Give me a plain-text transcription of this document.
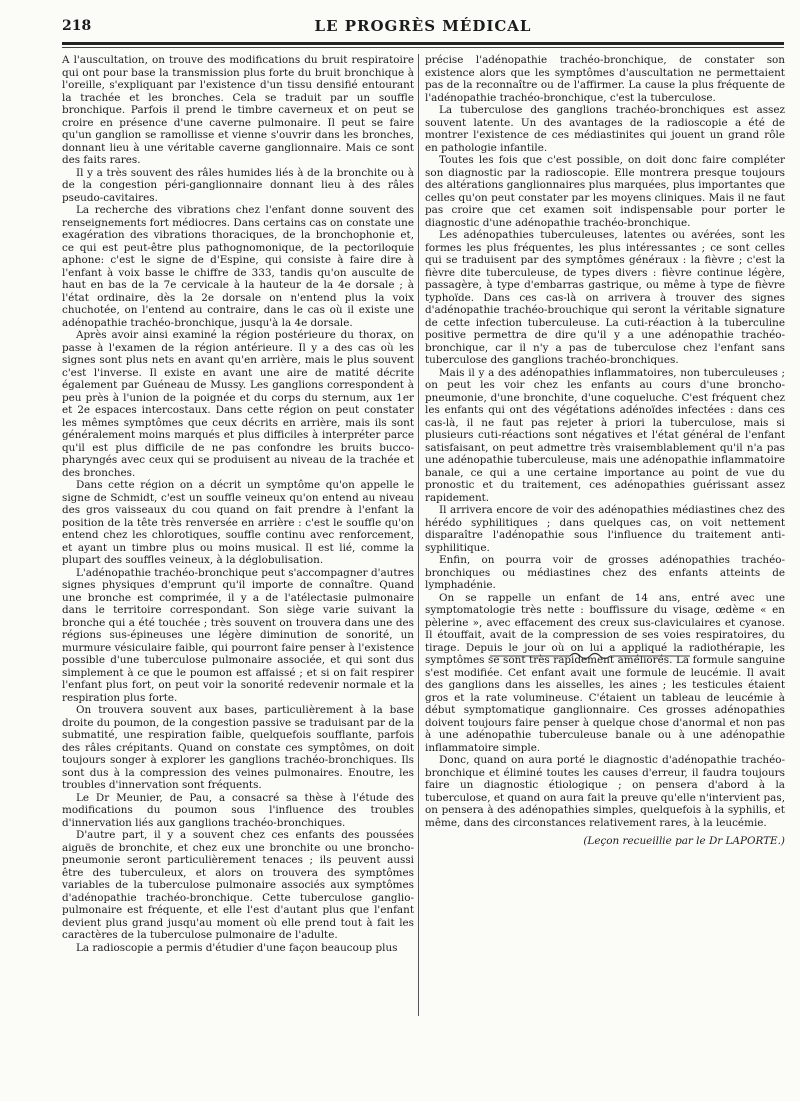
218	LE PROGRÈS MÉDICAL

A l'auscultation, on trouve des modifications du bruit respiratoire qui ont pour base la transmission plus forte du bruit bronchique à l'oreille, s'expliquant par l'existence d'un tissu densifié entourant la trachée et les bronches. Cela se traduit par un souffle bronchique. Parfois il prend le timbre caverneux et on peut se croire en présence d'une caverne pulmonaire. Il peut se faire qu'un ganglion se ramollisse et vienne s'ouvrir dans les bronches, donnant lieu à une véritable caverne ganglionnaire. Mais ce sont des faits rares.

Il y a très souvent des râles humides liés à de la bronchite ou à de la congestion péri-ganglionnaire donnant lieu à des râles pseudo-cavitaires.

La recherche des vibrations chez l'enfant donne souvent des renseignements fort médiocres. Dans certains cas on constate une exagération des vibrations thoraciques, de la bronchophonie et, ce qui est peut-être plus pathognomonique, de la pectoriloquie aphone: c'est le signe de d'Espine, qui consiste à faire dire à l'enfant à voix basse le chiffre de 333, tandis qu'on ausculte de haut en bas de la 7e cervicale à la hauteur de la 4e dorsale ; à l'état ordinaire, dès la 2e dorsale on n'entend plus la voix chuchotée, on l'entend au contraire, dans le cas où il existe une adénopathie trachéo-bronchique, jusqu'à la 4e dorsale.

Après avoir ainsi examiné la région postérieure du thorax, on passe à l'examen de la région antérieure. Il y a des cas où les signes sont plus nets en avant qu'en arrière, mais le plus souvent c'est l'inverse. Il existe en avant une aire de matité décrite également par Guéneau de Mussy. Les ganglions correspondent à peu près à l'union de la poignée et du corps du sternum, aux 1er et 2e espaces intercostaux. Dans cette région on peut constater les mêmes symptômes que ceux décrits en arrière, mais ils sont généralement moins marqués et plus difficiles à interpréter parce qu'il est plus difficile de ne pas confondre les bruits bucco-pharyngés avec ceux qui se produisent au niveau de la trachée et des bronches.

Dans cette région on a décrit un symptôme qu'on appelle le signe de Schmidt, c'est un souffle veineux qu'on entend au niveau des gros vaisseaux du cou quand on fait prendre à l'enfant la position de la tête très renversée en arrière : c'est le souffle qu'on entend chez les chlorotiques, souffle continu avec renforcement, et ayant un timbre plus ou moins musical. Il est lié, comme la plupart des souffles veineux, à la déglobulisation.

L'adénopathie trachéo-bronchique peut s'accompagner d'autres signes physiques d'emprunt qu'il importe de connaître. Quand une bronche est comprimée, il y a de l'atélectasie pulmonaire dans le territoire correspondant. Son siège varie suivant la bronche qui a été touchée ; très souvent on trouvera dans une des régions sus-épineuses une légère diminution de sonorité, un murmure vésiculaire faible, qui pourront faire penser à l'existence possible d'une tuberculose pulmonaire associée, et qui sont dus simplement à ce que le poumon est affaissé ; et si on fait respirer l'enfant plus fort, on peut voir la sonorité redevenir normale et la respiration plus forte.

On trouvera souvent aux bases, particulièrement à la base droite du poumon, de la congestion passive se traduisant par de la submatité, une respiration faible, quelquefois soufflante, parfois des râles crépitants. Quand on constate ces symptômes, on doit toujours songer à explorer les ganglions trachéo-bronchiques. Ils sont dus à la compression des veines pulmonaires. Enoutre, les troubles d'innervation sont fréquents.

Le Dr Meunier, de Pau, a consacré sa thèse à l'étude des modifications du poumon sous l'influence des troubles d'innervation liés aux ganglions trachéo-bronchiques.

D'autre part, il y a souvent chez ces enfants des poussées aiguës de bronchite, et chez eux une bronchite ou une broncho-pneumonie seront particulièrement tenaces ; ils peuvent aussi être des tuberculeux, et alors on trouvera des symptômes variables de la tuberculose pulmonaire associés aux symptômes d'adénopathie trachéo-bronchique. Cette tuberculose ganglio-pulmonaire est fréquente, et elle l'est d'autant plus que l'enfant devient plus grand jusqu'au moment où elle prend tout à fait les caractères de la tuberculose pulmonaire de l'adulte.

La radioscopie a permis d'étudier d'une façon beaucoup plus

précise l'adénopathie trachéo-bronchique, de constater son existence alors que les symptômes d'auscultation ne permettaient pas de la reconnaître ou de l'affirmer. La cause la plus fréquente de l'adénopathie trachéo-bronchique, c'est la tuberculose.

La tuberculose des ganglions trachéo-bronchiques est assez souvent latente. Un des avantages de la radioscopie a été de montrer l'existence de ces médiastinites qui jouent un grand rôle en pathologie infantile.

Toutes les fois que c'est possible, on doit donc faire compléter son diagnostic par la radioscopie. Elle montrera presque toujours des altérations ganglionnaires plus marquées, plus importantes que celles qu'on peut constater par les moyens cliniques. Mais il ne faut pas croire que cet examen soit indispensable pour porter le diagnostic d'une adénopathie trachéo-bronchique.

Les adénopathies tuberculeuses, latentes ou avérées, sont les formes les plus fréquentes, les plus intéressantes ; ce sont celles qui se traduisent par des symptômes généraux : la fièvre ; c'est la fièvre dite tuberculeuse, de types divers : fièvre continue légère, passagère, à type d'embarras gastrique, ou même à type de fièvre typhoïde. Dans ces cas-là on arrivera à trouver des signes d'adénopathie trachéo-brouchique qui seront la véritable signature de cette infection tuberculeuse. La cuti-réaction à la tuberculine positive permettra de dire qu'il y a une adénopathie trachéo-bronchique, car il n'y a pas de tuberculose chez l'enfant sans tuberculose des ganglions trachéo-bronchiques.

Mais il y a des adénopathies inflammatoires, non tuberculeuses ; on peut les voir chez les enfants au cours d'une broncho-pneumonie, d'une bronchite, d'une coqueluche. C'est fréquent chez les enfants qui ont des végétations adénoïdes infectées : dans ces cas-là, il ne faut pas rejeter à priori la tuberculose, mais si plusieurs cuti-réactions sont négatives et l'état général de l'enfant satisfaisant, on peut admettre très vraisemblablement qu'il n'a pas une adénopathie tuberculeuse, mais une adénopathie inflammatoire banale, ce qui a une certaine importance au point de vue du pronostic et du traitement, ces adénopathies guérissant assez rapidement.

Il arrivera encore de voir des adénopathies médiastines chez des hérédo syphilitiques ; dans quelques cas, on voit nettement disparaître l'adénopathie sous l'influence du traitement anti-syphilitique.

Enfin, on pourra voir de grosses adénopathies trachéo-bronchiques ou médiastines chez des enfants atteints de lymphadénie.

On se rappelle un enfant de 14 ans, entré avec une symptomatologie très nette : bouffissure du visage, œdème « en pèlerine », avec effacement des creux sus-claviculaires et cyanose. Il étouffait, avait de la compression de ses voies respiratoires, du tirage. Depuis le jour où on lui a appliqué la radiothérapie, les symptômes se sont très rapidement améliorés. La formule sanguine s'est modifiée. Cet enfant avait une formule de leucémie. Il avait des ganglions dans les aisselles, les aines ; les testicules étaient gros et la rate volumineuse. C'étaient un tableau de leucémie à début symptomatique ganglionnaire. Ces grosses adénopathies doivent toujours faire penser à quelque chose d'anormal et non pas à une adénopathie tuberculeuse banale ou à une adénopathie inflammatoire simple.

Donc, quand on aura porté le diagnostic d'adénopathie trachéo-bronchique et éliminé toutes les causes d'erreur, il faudra toujours faire un diagnostic étiologique ; on pensera d'abord à la tuberculose, et quand on aura fait la preuve qu'elle n'intervient pas, on pensera à des adénopathies simples, quelquefois à la syphilis, et même, dans des circonstances relativement rares, à la leucémie.

(Leçon recueillie par le Dr LAPORTE.)
